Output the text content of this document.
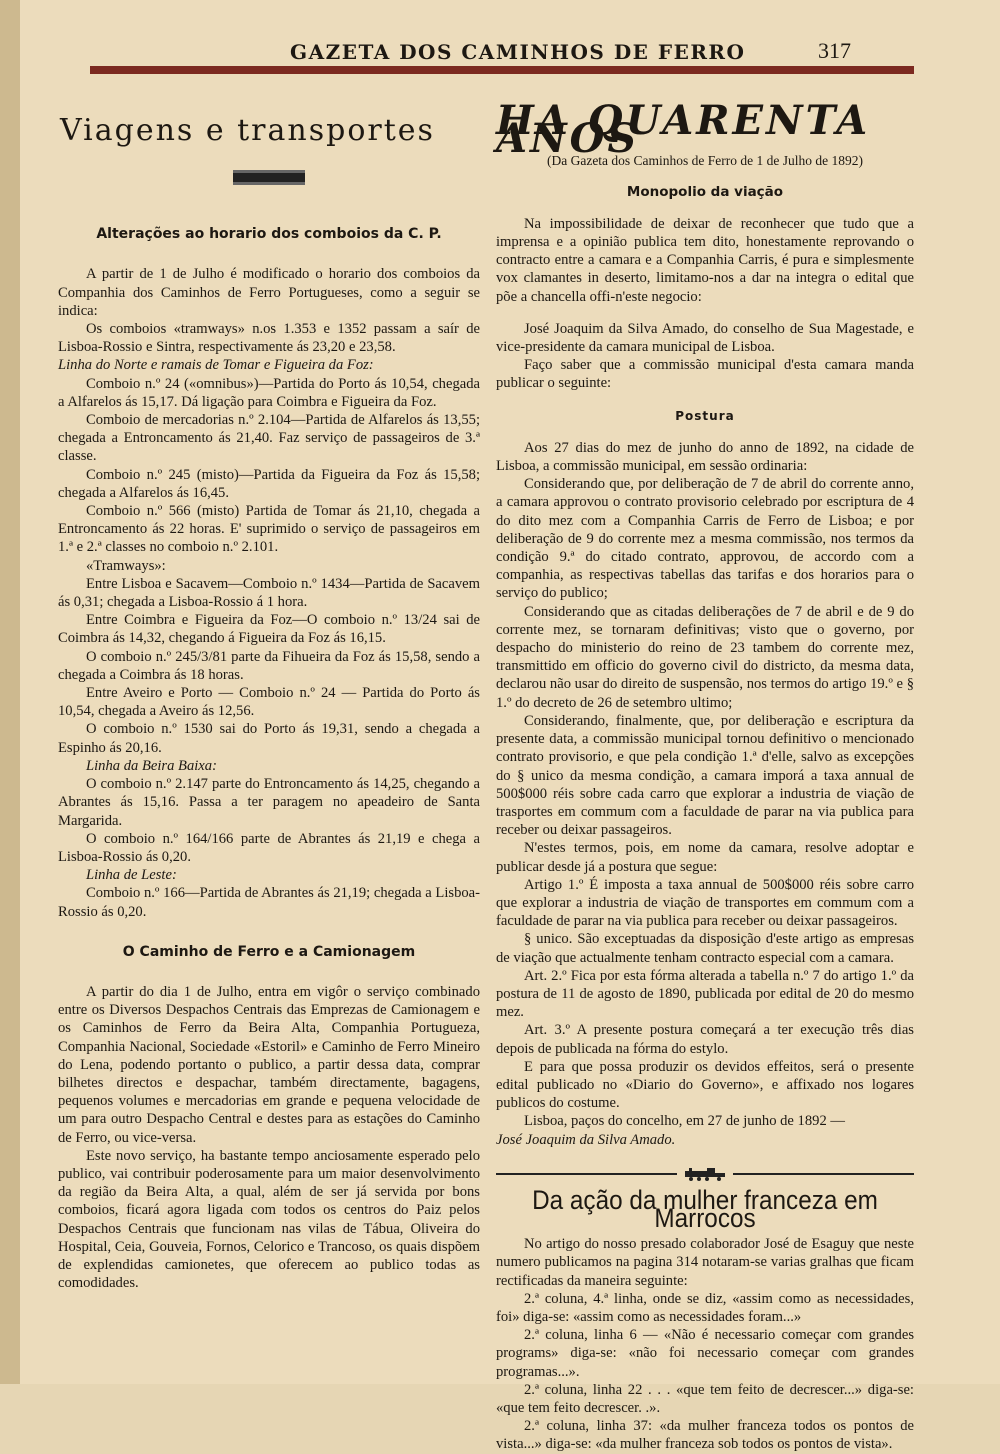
GAZETA DOS CAMINHOS DE FERRO	317
Viagens e transportes
Alterações ao horario dos comboios da C. P.

A partir de 1 de Julho é modificado o horario dos comboios da Companhia dos Caminhos de Ferro Portugueses, como a seguir se indica:

Os comboios «tramways» n.os 1.353 e 1352 passam a saír de Lisboa-Rossio e Sintra, respectivamente ás 23,20 e 23,58.

Linha do Norte e ramais de Tomar e Figueira da Foz:

Comboio n.º 24 («omnibus»)—Partida do Porto ás 10,54, chegada a Alfarelos ás 15,17. Dá ligação para Coimbra e Figueira da Foz.

Comboio de mercadorias n.º 2.104—Partida de Alfarelos ás 13,55; chegada a Entroncamento ás 21,40. Faz serviço de passageiros de 3.ª classe.

Comboio n.º 245 (misto)—Partida da Figueira da Foz ás 15,58; chegada a Alfarelos ás 16,45.

Comboio n.º 566 (misto) Partida de Tomar ás 21,10, chegada a Entroncamento ás 22 horas. E' suprimido o serviço de passageiros em 1.ª e 2.ª classes no comboio n.º 2.101.

«Tramways»:

Entre Lisboa e Sacavem—Comboio n.º 1434—Partida de Sacavem ás 0,31; chegada a Lisboa-Rossio á 1 hora.

Entre Coimbra e Figueira da Foz—O comboio n.º 13/24 sai de Coimbra ás 14,32, chegando á Figueira da Foz ás 16,15.

O comboio n.º 245/3/81 parte da Fihueira da Foz ás 15,58, sendo a chegada a Coimbra ás 18 horas.

Entre Aveiro e Porto — Comboio n.º 24 — Partida do Porto ás 10,54, chegada a Aveiro ás 12,56.

O comboio n.º 1530 sai do Porto ás 19,31, sendo a chegada a Espinho ás 20,16.

Linha da Beira Baixa:

O comboio n.º 2.147 parte do Entroncamento ás 14,25, chegando a Abrantes ás 15,16. Passa a ter paragem no apeadeiro de Santa Margarida.

O comboio n.º 164/166 parte de Abrantes ás 21,19 e chega a Lisboa-Rossio ás 0,20.

Linha de Leste:

Comboio n.º 166—Partida de Abrantes ás 21,19; chegada a Lisboa-Rossio ás 0,20.

O Caminho de Ferro e a Camionagem

A partir do dia 1 de Julho, entra em vigôr o serviço combinado entre os Diversos Despachos Centrais das Emprezas de Camionagem e os Caminhos de Ferro da Beira Alta, Companhia Portugueza, Companhia Nacional, Sociedade «Estoril» e Caminho de Ferro Mineiro do Lena, podendo portanto o publico, a partir dessa data, comprar bilhetes directos e despachar, também directamente, bagagens, pequenos volumes e mercadorias em grande e pequena velocidade de um para outro Despacho Central e destes para as estações do Caminho de Ferro, ou vice-versa.

Este novo serviço, ha bastante tempo anciosamente esperado pelo publico, vai contribuir poderosamente para um maior desenvolvimento da região da Beira Alta, a qual, além de ser já servida por bons comboios, ficará agora ligada com todos os centros do Paiz pelos Despachos Centrais que funcionam nas vilas de Tábua, Oliveira do Hospital, Ceia, Gouveia, Fornos, Celorico e Trancoso, os quais dispõem de explendidas camionetes, que oferecem ao publico todas as comodidades.

HA QUARENTA ANOS
(Da Gazeta dos Caminhos de Ferro de 1 de Julho de 1892)
Monopolio da viação

Na impossibilidade de deixar de reconhecer que tudo que a imprensa e a opinião publica tem dito, honestamente reprovando o contracto entre a camara e a Companhia Carris, é pura e simplesmente vox clamantes in deserto, limitamo-nos a dar na integra o edital que põe a chancella offi-n'este negocio:

José Joaquim da Silva Amado, do conselho de Sua Magestade, e vice-presidente da camara municipal de Lisboa.

Faço saber que a commissão municipal d'esta camara manda publicar o seguinte:

Postura

Aos 27 dias do mez de junho do anno de 1892, na cidade de Lisboa, a commissão municipal, em sessão ordinaria:

Considerando que, por deliberação de 7 de abril do corrente anno, a camara approvou o contrato provisorio celebrado por escriptura de 4 do dito mez com a Companhia Carris de Ferro de Lisboa; e por deliberação de 9 do corrente mez a mesma commissão, nos termos da condição 9.ª do citado contrato, approvou, de accordo com a companhia, as respectivas tabellas das tarifas e dos horarios para o serviço do publico;

Considerando que as citadas deliberações de 7 de abril e de 9 do corrente mez, se tornaram definitivas; visto que o governo, por despacho do ministerio do reino de 23 tambem do corrente mez, transmittido em officio do governo civil do districto, da mesma data, declarou não usar do direito de suspensão, nos termos do artigo 19.º e § 1.º do decreto de 26 de setembro ultimo;

Considerando, finalmente, que, por deliberação e escriptura da presente data, a commissão municipal tornou definitivo o mencionado contrato provisorio, e que pela condição 1.ª d'elle, salvo as excepções do § unico da mesma condição, a camara imporá a taxa annual de 500$000 réis sobre cada carro que explorar a industria de viação de trasportes em commum com a faculdade de parar na via publica para receber ou deixar passageiros.

N'estes termos, pois, em nome da camara, resolve adoptar e publicar desde já a postura que segue:

Artigo 1.º É imposta a taxa annual de 500$000 réis sobre carro que explorar a industria de viação de transportes em commum com a faculdade de parar na via publica para receber ou deixar passageiros.

§ unico. São exceptuadas da disposição d'este artigo as empresas de viação que actualmente tenham contracto especial com a camara.

Art. 2.º Fica por esta fórma alterada a tabella n.º 7 do artigo 1.º da postura de 11 de agosto de 1890, publicada por edital de 20 do mesmo mez.

Art. 3.º A presente postura começará a ter execução três dias depois de publicada na fórma do estylo.

E para que possa produzir os devidos effeitos, será o presente edital publicado no «Diario do Governo», e affixado nos logares publicos do costume.

Lisboa, paços do concelho, em 27 de junho de 1892 —

José Joaquim da Silva Amado.

Da ação da mulher franceza em Marrocos

No artigo do nosso presado colaborador José de Esaguy que neste numero publicamos na pagina 314 notaram-se varias gralhas que ficam rectificadas da maneira seguinte:

2.ª coluna, 4.ª linha, onde se diz, «assim como as necessidades, foi» diga-se: «assim como as necessidades foram...»

2.ª coluna, linha 6 — «Não é necessario começar com grandes programs» diga-se: «não foi necessario começar com grandes programas...».

2.ª coluna, linha 22 . . . «que tem feito de decrescer...» diga-se: «que tem feito decrescer. .».

2.ª coluna, linha 37: «da mulher franceza todos os pontos de vista...» diga-se: «da mulher franceza sob todos os pontos de vista».
